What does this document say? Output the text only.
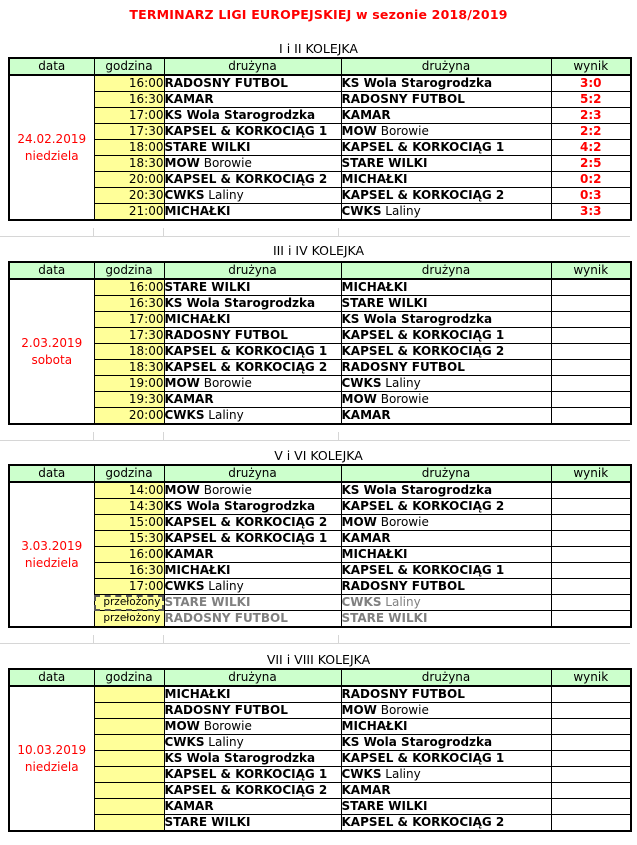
TERMINARZ LIGI EUROPEJSKIEJ w sezonie 2018/2019
I i II KOLEJKA
data	godzina	drużyna	drużyna	wynik

24.02.2019
niedziela	16:00	RADOSNY FUTBOL	KS Wola Starogrodzka	3:0
	16:30	KAMAR	RADOSNY FUTBOL	5:2
	17:00	KS Wola Starogrodzka	KAMAR	2:3
	17:30	KAPSEL & KORKOCIĄG 1	MOW Borowie	2:2
	18:00	STARE WILKI	KAPSEL & KORKOCIĄG 1	4:2
	18:30	MOW Borowie	STARE WILKI	2:5
	20:00	KAPSEL & KORKOCIĄG 2	MICHAŁKI	0:2
	20:30	CWKS Laliny	KAPSEL & KORKOCIĄG 2	0:3
	21:00	MICHAŁKI	CWKS Laliny	3:3
III i IV KOLEJKA
data	godzina	drużyna	drużyna	wynik

2.03.2019
sobota	16:00	STARE WILKI	MICHAŁKI	
	16:30	KS Wola Starogrodzka	STARE WILKI	
	17:00	MICHAŁKI	KS Wola Starogrodzka	
	17:30	RADOSNY FUTBOL	KAPSEL & KORKOCIĄG 1	
	18:00	KAPSEL & KORKOCIĄG 1	KAPSEL & KORKOCIĄG 2	
	18:30	KAPSEL & KORKOCIĄG 2	RADOSNY FUTBOL	
	19:00	MOW Borowie	CWKS Laliny	
	19:30	KAMAR	MOW Borowie	
	20:00	CWKS Laliny	KAMAR	
V i VI KOLEJKA
data	godzina	drużyna	drużyna	wynik

3.03.2019
niedziela	14:00	MOW Borowie	KS Wola Starogrodzka	
	14:30	KS Wola Starogrodzka	KAPSEL & KORKOCIĄG 2	
	15:00	KAPSEL & KORKOCIĄG 2	MOW Borowie	
	15:30	KAPSEL & KORKOCIĄG 1	KAMAR	
	16:00	KAMAR	MICHAŁKI	
	16:30	MICHAŁKI	KAPSEL & KORKOCIĄG 1	
	17:00	CWKS Laliny	RADOSNY FUTBOL	
	przełożony	STARE WILKI	CWKS Laliny	
	przełożony	RADOSNY FUTBOL	STARE WILKI	
VII i VIII KOLEJKA
data	godzina	drużyna	drużyna	wynik

10.03.2019
niedziela		MICHAŁKI	RADOSNY FUTBOL	
		RADOSNY FUTBOL	MOW Borowie	
		MOW Borowie	MICHAŁKI	
		CWKS Laliny	KS Wola Starogrodzka	
		KS Wola Starogrodzka	KAPSEL & KORKOCIĄG 1	
		KAPSEL & KORKOCIĄG 1	CWKS Laliny	
		KAPSEL & KORKOCIĄG 2	KAMAR	
		KAMAR	STARE WILKI	
		STARE WILKI	KAPSEL & KORKOCIĄG 2	
